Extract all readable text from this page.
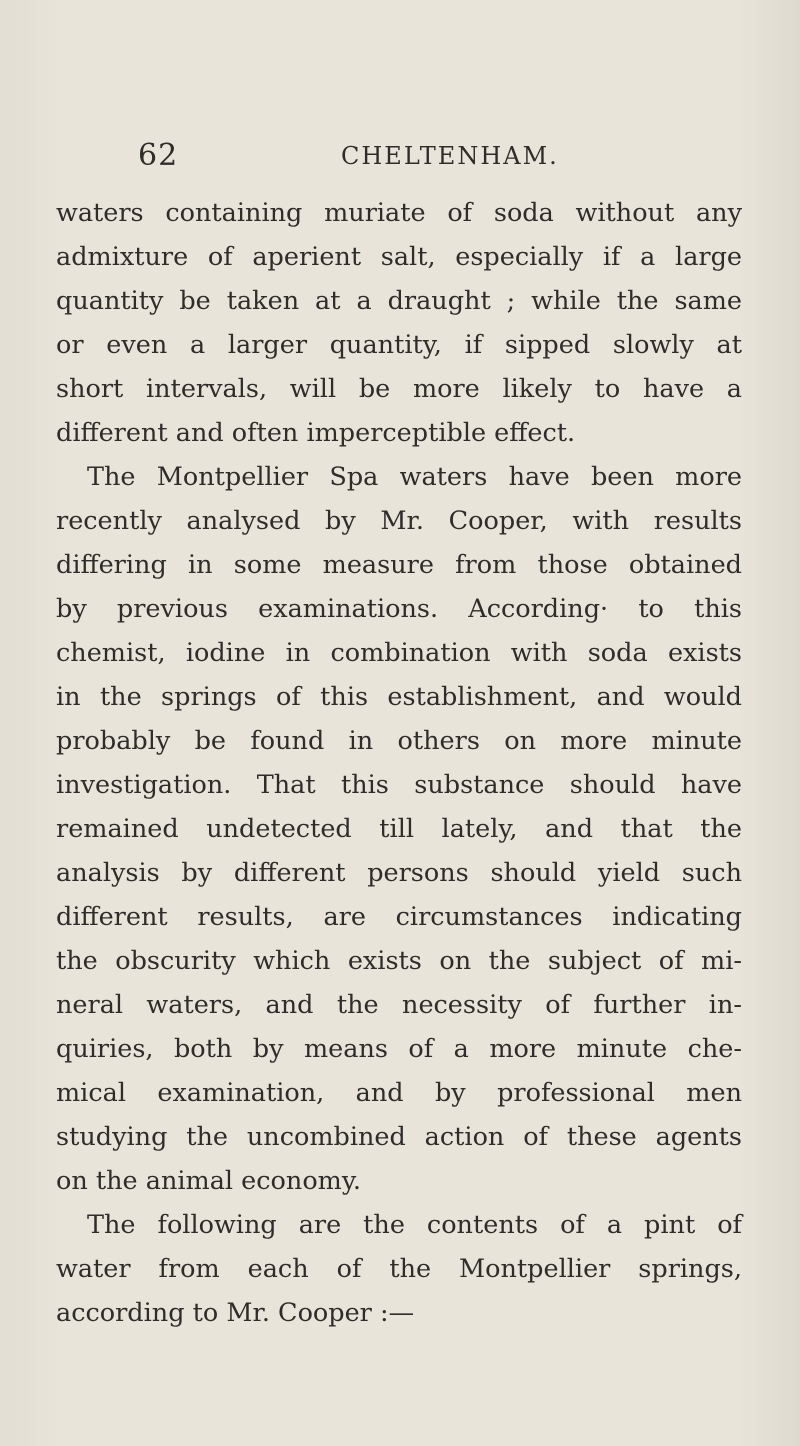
62	CHELTENHAM.
waters containing muriate of soda without any
admixture of aperient salt, especially if a large
quantity be taken at a draught ; while the same
or even a larger quantity, if sipped slowly at
short intervals, will be more likely to have a
different and often imperceptible effect.
The Montpellier Spa waters have been more
recently analysed by Mr. Cooper, with results
differing in some measure from those obtained
by previous examinations. According· to this
chemist, iodine in combination with soda exists
in the springs of this establishment, and would
probably be found in others on more minute
investigation. That this substance should have
remained undetected till lately, and that the
analysis by different persons should yield such
different results, are circumstances indicating
the obscurity which exists on the subject of mi-
neral waters, and the necessity of further in-
quiries, both by means of a more minute che-
mical examination, and by professional men
studying the uncombined action of these agents
on the animal economy.
The following are the contents of a pint of
water from each of the Montpellier springs,
according to Mr. Cooper :—
